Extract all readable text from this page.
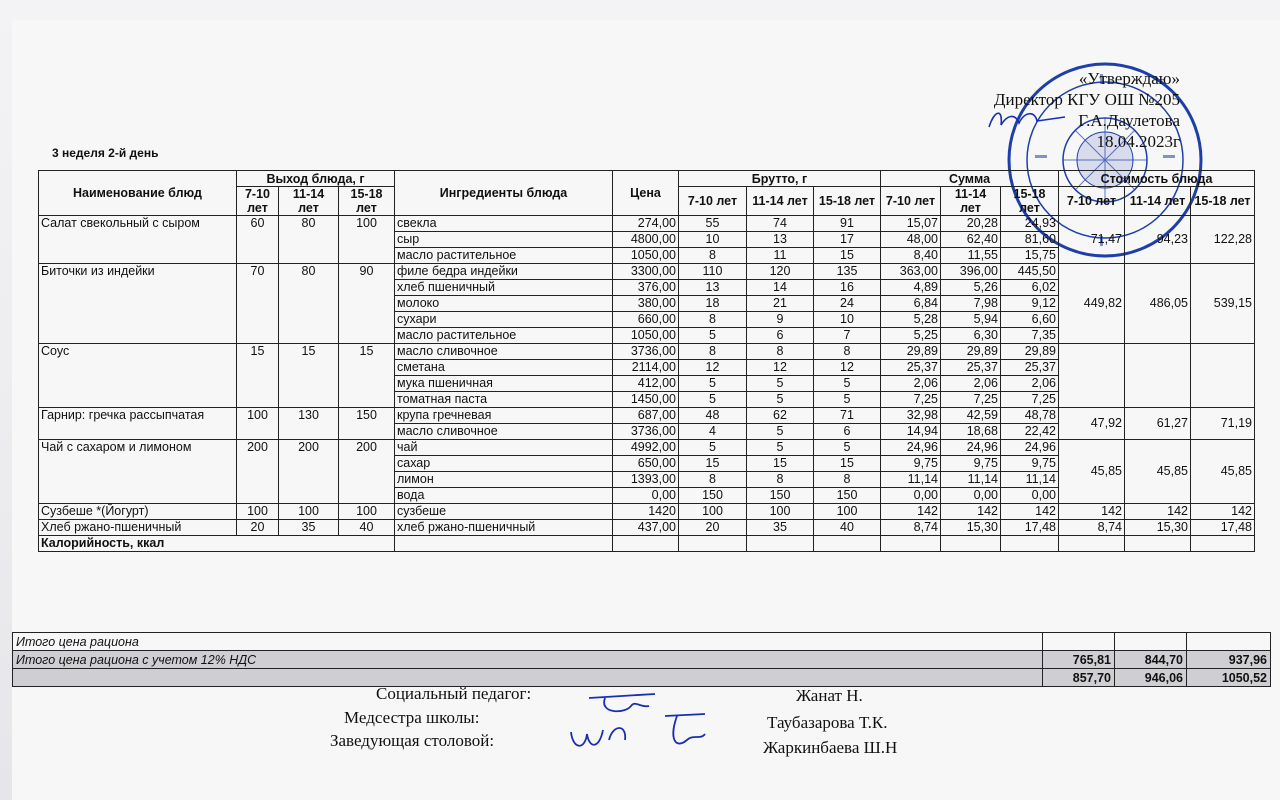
«Утверждаю»
Директор КГУ ОШ №205
Г.А.Даулетова
18.04.2023г
3 неделя 2-й день
Наименование блюд	Выход блюда, г			Ингредиенты блюда	Цена	Брутто, г			Сумма			Стоимость блюда		
	7-10 лет	11-14 лет	15-18 лет			7-10 лет	11-14 лет	15-18 лет	7-10 лет	11-14 лет	15-18 лет	7-10 лет	11-14 лет	15-18 лет
Салат свекольный с сыром	60	80	100	свекла	274,00	55	74	91	15,07	20,28	24,93	71,47	94,23	122,28
				сыр	4800,00	10	13	17	48,00	62,40	81,60			
				масло растительное	1050,00	8	11	15	8,40	11,55	15,75			
Биточки из индейки	70	80	90	филе бедра индейки	3300,00	110	120	135	363,00	396,00	445,50	449,82	486,05	539,15
				хлеб пшеничный	376,00	13	14	16	4,89	5,26	6,02			
				молоко	380,00	18	21	24	6,84	7,98	9,12			
				сухари	660,00	8	9	10	5,28	5,94	6,60			
				масло растительное	1050,00	5	6	7	5,25	6,30	7,35			
Соус	15	15	15	масло сливочное	3736,00	8	8	8	29,89	29,89	29,89			
				сметана	2114,00	12	12	12	25,37	25,37	25,37			
				мука пшеничная	412,00	5	5	5	2,06	2,06	2,06			
				томатная паста	1450,00	5	5	5	7,25	7,25	7,25			
Гарнир: гречка рассыпчатая	100	130	150	крупа гречневая	687,00	48	62	71	32,98	42,59	48,78	47,92	61,27	71,19
				масло сливочное	3736,00	4	5	6	14,94	18,68	22,42			
Чай с сахаром и лимоном	200	200	200	чай	4992,00	5	5	5	24,96	24,96	24,96	45,85	45,85	45,85
				сахар	650,00	15	15	15	9,75	9,75	9,75			
				лимон	1393,00	8	8	8	11,14	11,14	11,14			
				вода	0,00	150	150	150	0,00	0,00	0,00			
Сузбеше *(Йогурт)	100	100	100	сузбеше	1420	100	100	100	142	142	142	142	142	142
Хлеб ржано-пшеничный	20	35	40	хлеб ржано-пшеничный	437,00	20	35	40	8,74	15,30	17,48	8,74	15,30	17,48
Калорийность, ккал														
Итого цена рациона			
Итого цена рациона с учетом 12% НДС	765,81	844,70	937,96
	857,70	946,06	1050,52
Социальный педагог:	Жанат Н.
Медсестра школы:	Таубазарова Т.К.
Заведующая столовой:	Жаркинбаева Ш.Н
